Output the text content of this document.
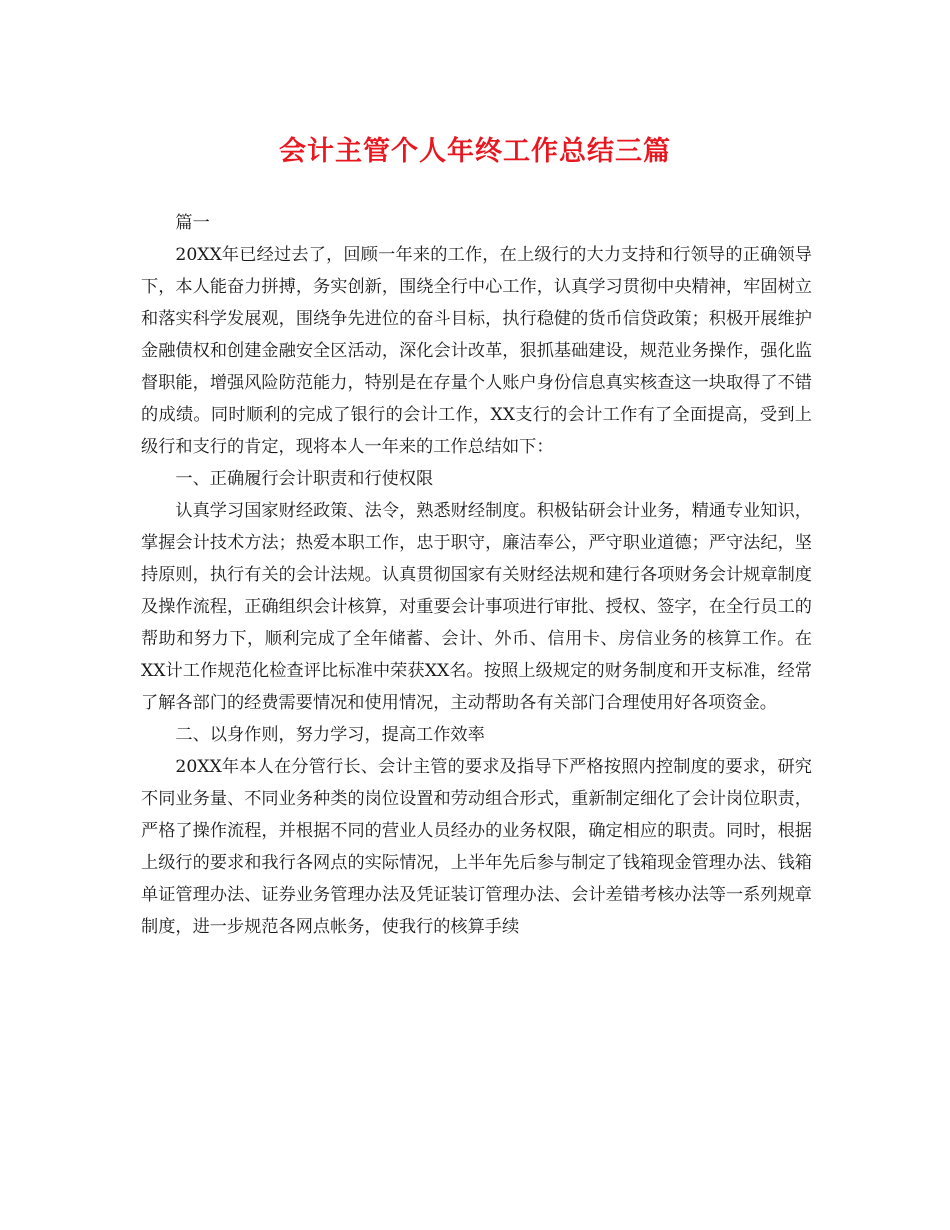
会计主管个人年终工作总结三篇

篇一

20XX年已经过去了，回顾一年来的工作，在上级行的大力支持和行领导的正确领导下，本人能奋力拼搏，务实创新，围绕全行中心工作，认真学习贯彻中央精神，牢固树立和落实科学发展观，围绕争先进位的奋斗目标，执行稳健的货币信贷政策；积极开展维护金融债权和创建金融安全区活动，深化会计改革，狠抓基础建设，规范业务操作，强化监督职能，增强风险防范能力，特别是在存量个人账户身份信息真实核查这一块取得了不错的成绩。同时顺利的完成了银行的会计工作，XX支行的会计工作有了全面提高，受到上级行和支行的肯定，现将本人一年来的工作总结如下：

一、正确履行会计职责和行使权限

认真学习国家财经政策、法令，熟悉财经制度。积极钻研会计业务，精通专业知识，掌握会计技术方法；热爱本职工作，忠于职守，廉洁奉公，严守职业道德；严守法纪，坚持原则，执行有关的会计法规。认真贯彻国家有关财经法规和建行各项财务会计规章制度及操作流程，正确组织会计核算，对重要会计事项进行审批、授权、签字，在全行员工的帮助和努力下，顺利完成了全年储蓄、会计、外币、信用卡、房信业务的核算工作。在XX计工作规范化检查评比标准中荣获XX名。按照上级规定的财务制度和开支标准，经常了解各部门的经费需要情况和使用情况，主动帮助各有关部门合理使用好各项资金。

二、以身作则，努力学习，提高工作效率

20XX年本人在分管行长、会计主管的要求及指导下严格按照内控制度的要求，研究不同业务量、不同业务种类的岗位设置和劳动组合形式，重新制定细化了会计岗位职责，严格了操作流程，并根据不同的营业人员经办的业务权限，确定相应的职责。同时，根据上级行的要求和我行各网点的实际情况，上半年先后参与制定了钱箱现金管理办法、钱箱单证管理办法、证券业务管理办法及凭证装订管理办法、会计差错考核办法等一系列规章制度，进一步规范各网点帐务，使我行的核算手续
